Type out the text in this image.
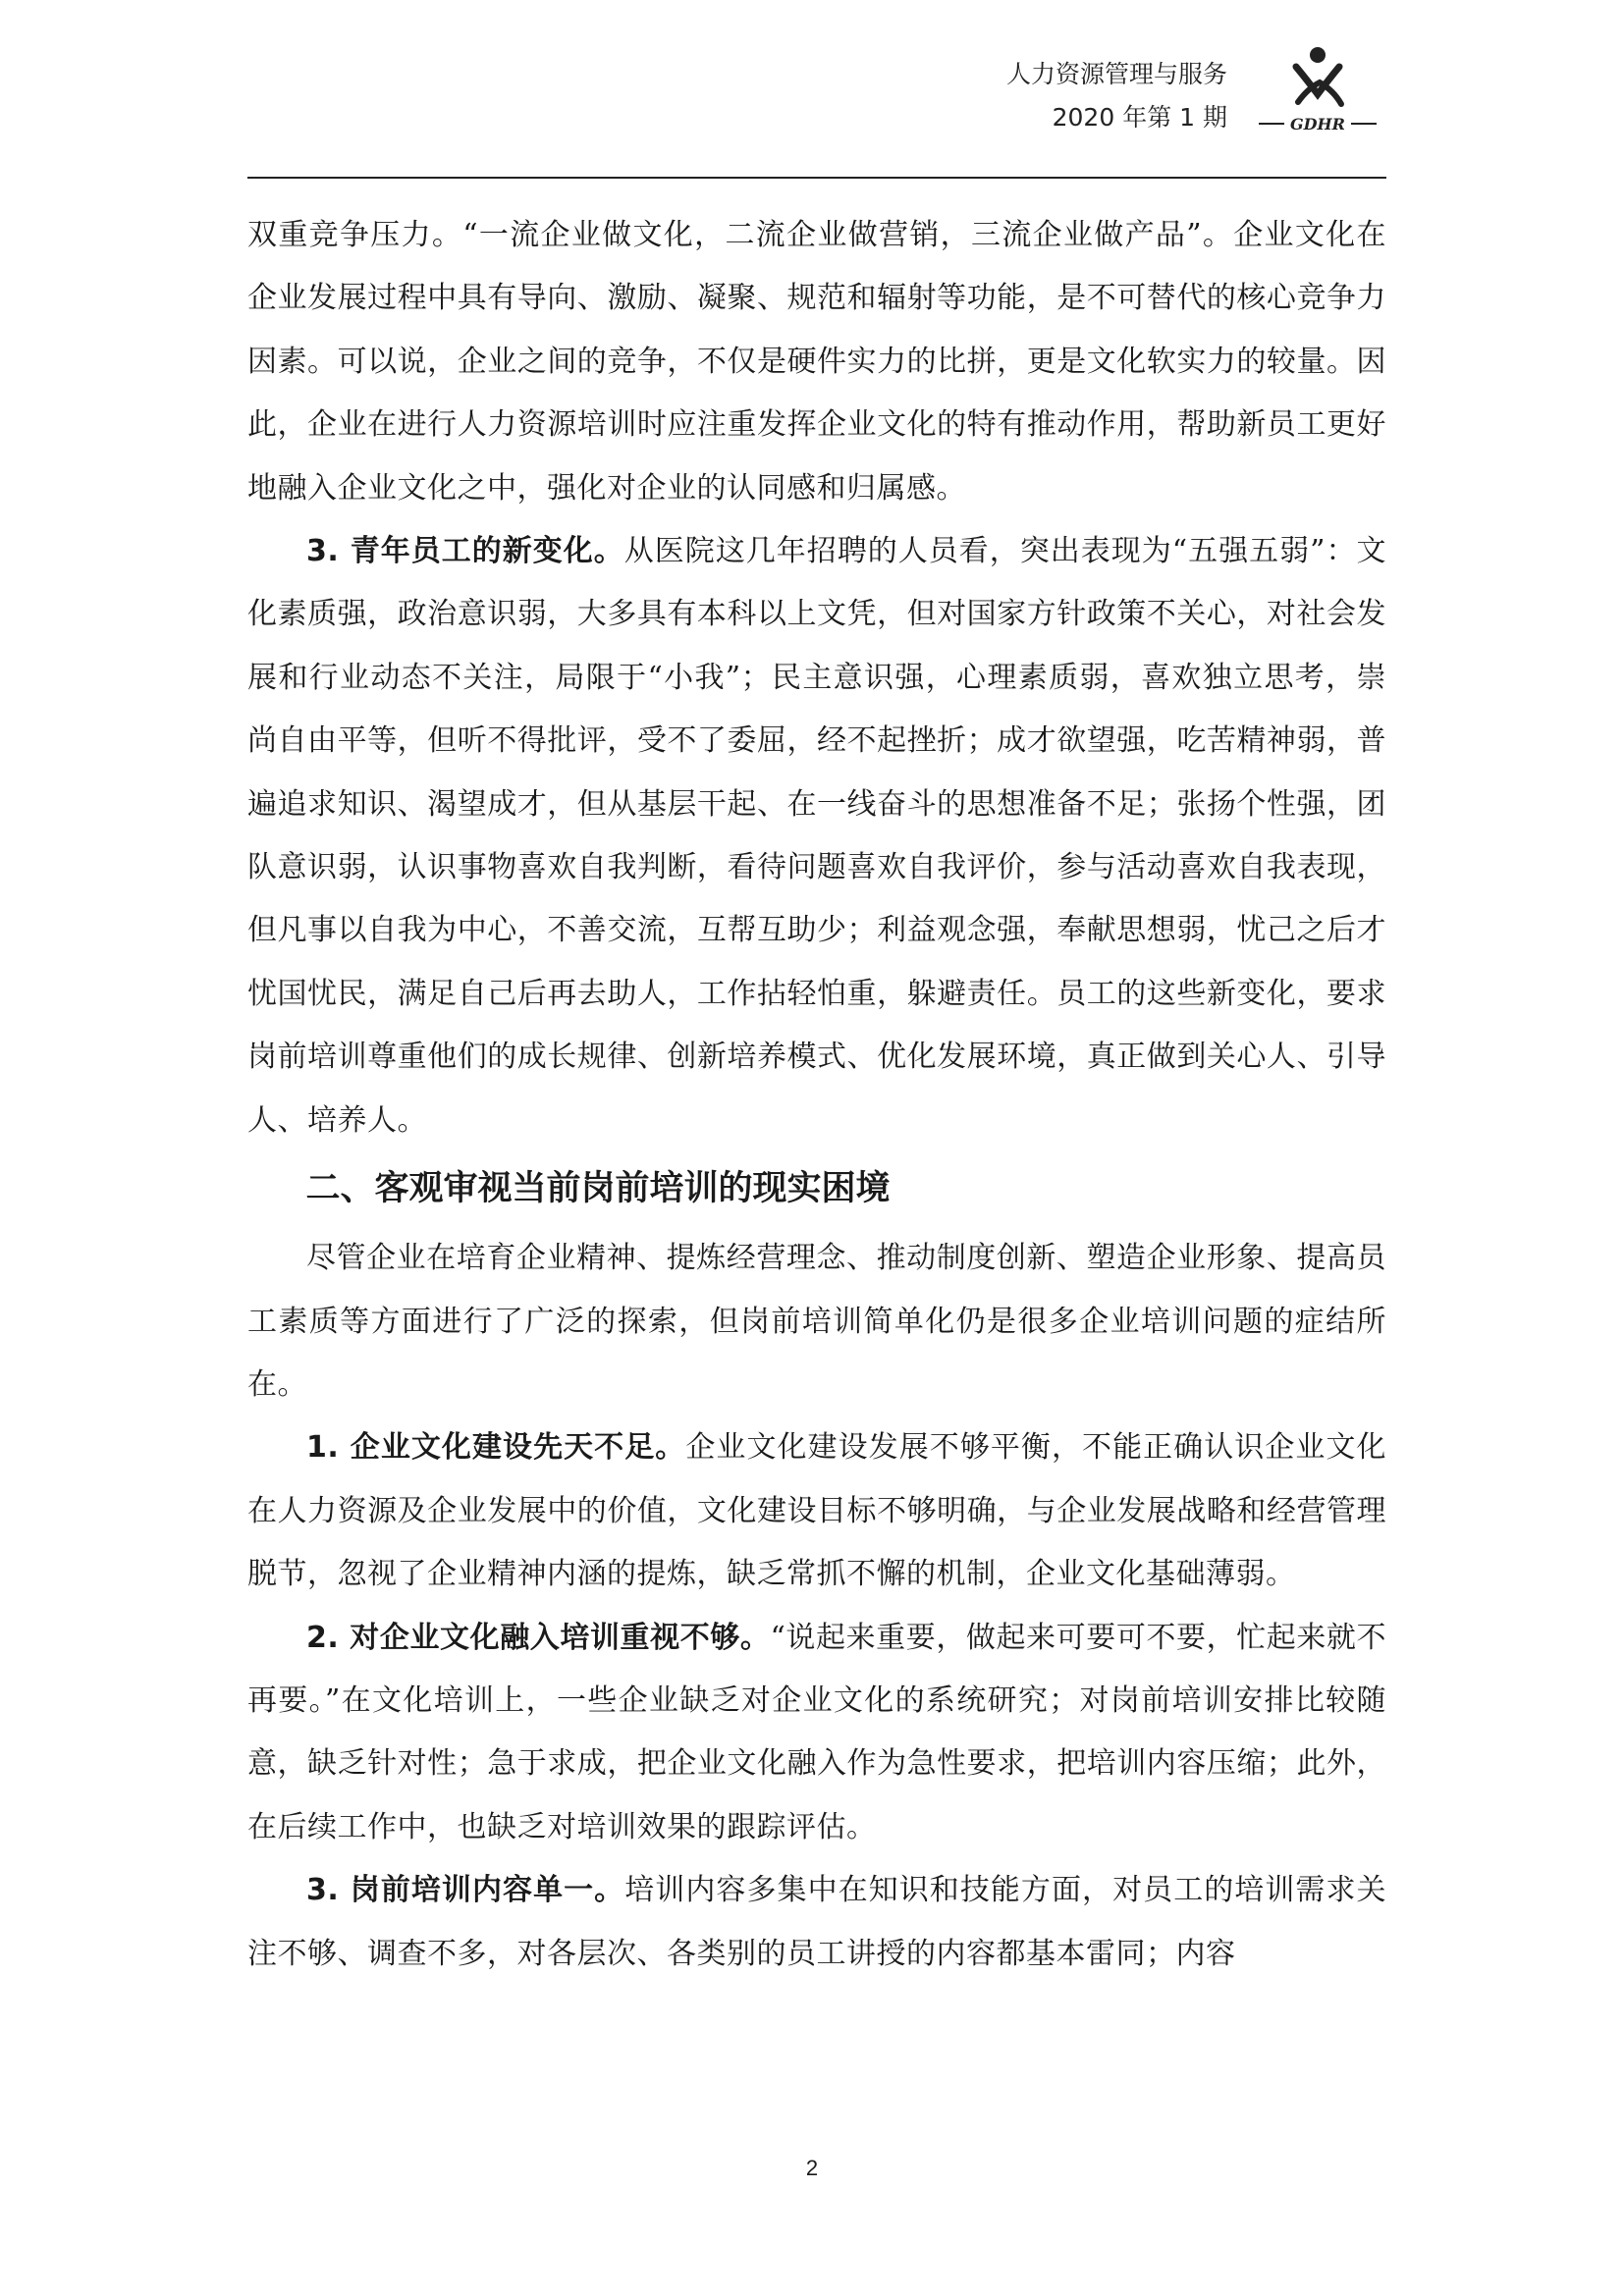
人力资源管理与服务
2020 年第 1 期	GDHR

双重竞争压力。“一流企业做文化，二流企业做营销，三流企业做产品”。企业文化在企业发展过程中具有导向、激励、凝聚、规范和辐射等功能，是不可替代的核心竞争力因素。可以说，企业之间的竞争，不仅是硬件实力的比拼，更是文化软实力的较量。因此，企业在进行人力资源培训时应注重发挥企业文化的特有推动作用，帮助新员工更好地融入企业文化之中，强化对企业的认同感和归属感。

3. 青年员工的新变化。从医院这几年招聘的人员看，突出表现为“五强五弱”：文化素质强，政治意识弱，大多具有本科以上文凭，但对国家方针政策不关心，对社会发展和行业动态不关注，局限于“小我”；民主意识强，心理素质弱，喜欢独立思考，崇尚自由平等，但听不得批评，受不了委屈，经不起挫折；成才欲望强，吃苦精神弱，普遍追求知识、渴望成才，但从基层干起、在一线奋斗的思想准备不足；张扬个性强，团队意识弱，认识事物喜欢自我判断，看待问题喜欢自我评价，参与活动喜欢自我表现，但凡事以自我为中心，不善交流，互帮互助少；利益观念强，奉献思想弱，忧己之后才忧国忧民，满足自己后再去助人，工作拈轻怕重，躲避责任。员工的这些新变化，要求岗前培训尊重他们的成长规律、创新培养模式、优化发展环境，真正做到关心人、引导人、培养人。

二、客观审视当前岗前培训的现实困境

尽管企业在培育企业精神、提炼经营理念、推动制度创新、塑造企业形象、提高员工素质等方面进行了广泛的探索，但岗前培训简单化仍是很多企业培训问题的症结所在。

1. 企业文化建设先天不足。企业文化建设发展不够平衡，不能正确认识企业文化在人力资源及企业发展中的价值，文化建设目标不够明确，与企业发展战略和经营管理脱节，忽视了企业精神内涵的提炼，缺乏常抓不懈的机制，企业文化基础薄弱。

2. 对企业文化融入培训重视不够。“说起来重要，做起来可要可不要，忙起来就不再要。”在文化培训上，一些企业缺乏对企业文化的系统研究；对岗前培训安排比较随意，缺乏针对性；急于求成，把企业文化融入作为急性要求，把培训内容压缩；此外，在后续工作中，也缺乏对培训效果的跟踪评估。

3. 岗前培训内容单一。培训内容多集中在知识和技能方面，对员工的培训需求关注不够、调查不多，对各层次、各类别的员工讲授的内容都基本雷同；内容

2
